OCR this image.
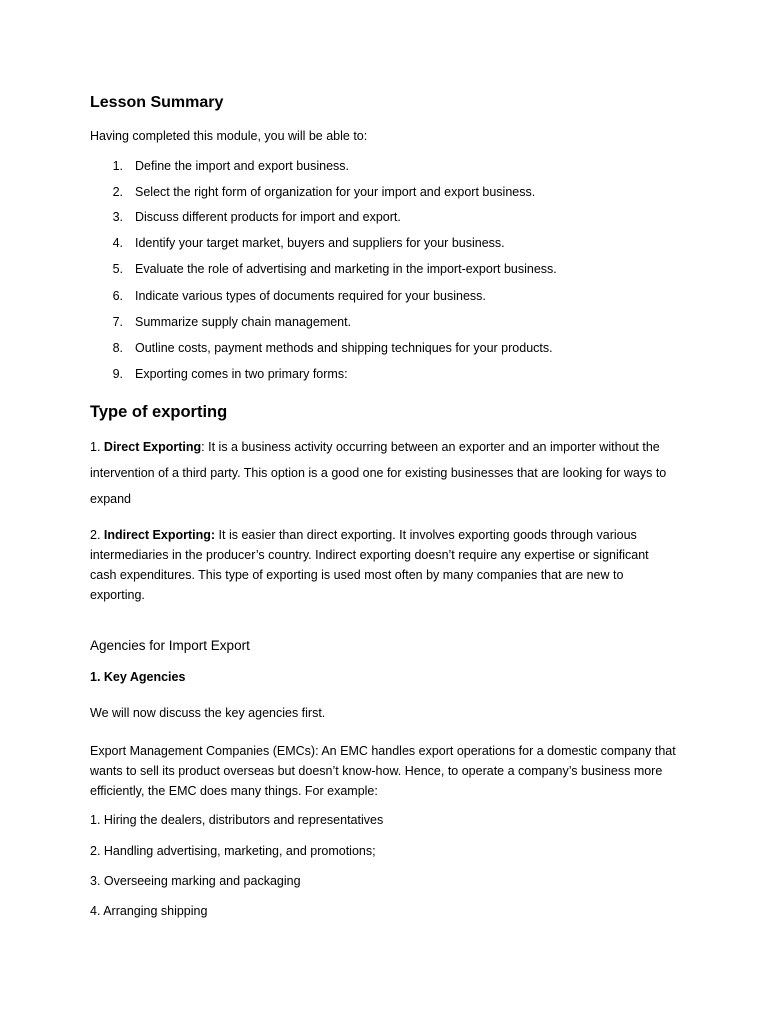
Lesson Summary

Having completed this module, you will be able to:

1. Define the import and export business.
2. Select the right form of organization for your import and export business.
3. Discuss different products for import and export.
4. Identify your target market, buyers and suppliers for your business.
5. Evaluate the role of advertising and marketing in the import-export business.
6. Indicate various types of documents required for your business.
7. Summarize supply chain management.
8. Outline costs, payment methods and shipping techniques for your products.
9. Exporting comes in two primary forms:
Type of exporting

1. Direct Exporting: It is a business activity occurring between an exporter and an importer without the intervention of a third party. This option is a good one for existing businesses that are looking for ways to expand

2. Indirect Exporting: It is easier than direct exporting. It involves exporting goods through various intermediaries in the producer’s country. Indirect exporting doesn’t require any expertise or significant cash expenditures. This type of exporting is used most often by many companies that are new to exporting.

Agencies for Import Export
1. Key Agencies

We will now discuss the key agencies first.

Export Management Companies (EMCs): An EMC handles export operations for a domestic company that wants to sell its product overseas but doesn’t know-how. Hence, to operate a company’s business more efficiently, the EMC does many things. For example:

1. Hiring the dealers, distributors and representatives

2. Handling advertising, marketing, and promotions;

3. Overseeing marking and packaging

4. Arranging shipping
